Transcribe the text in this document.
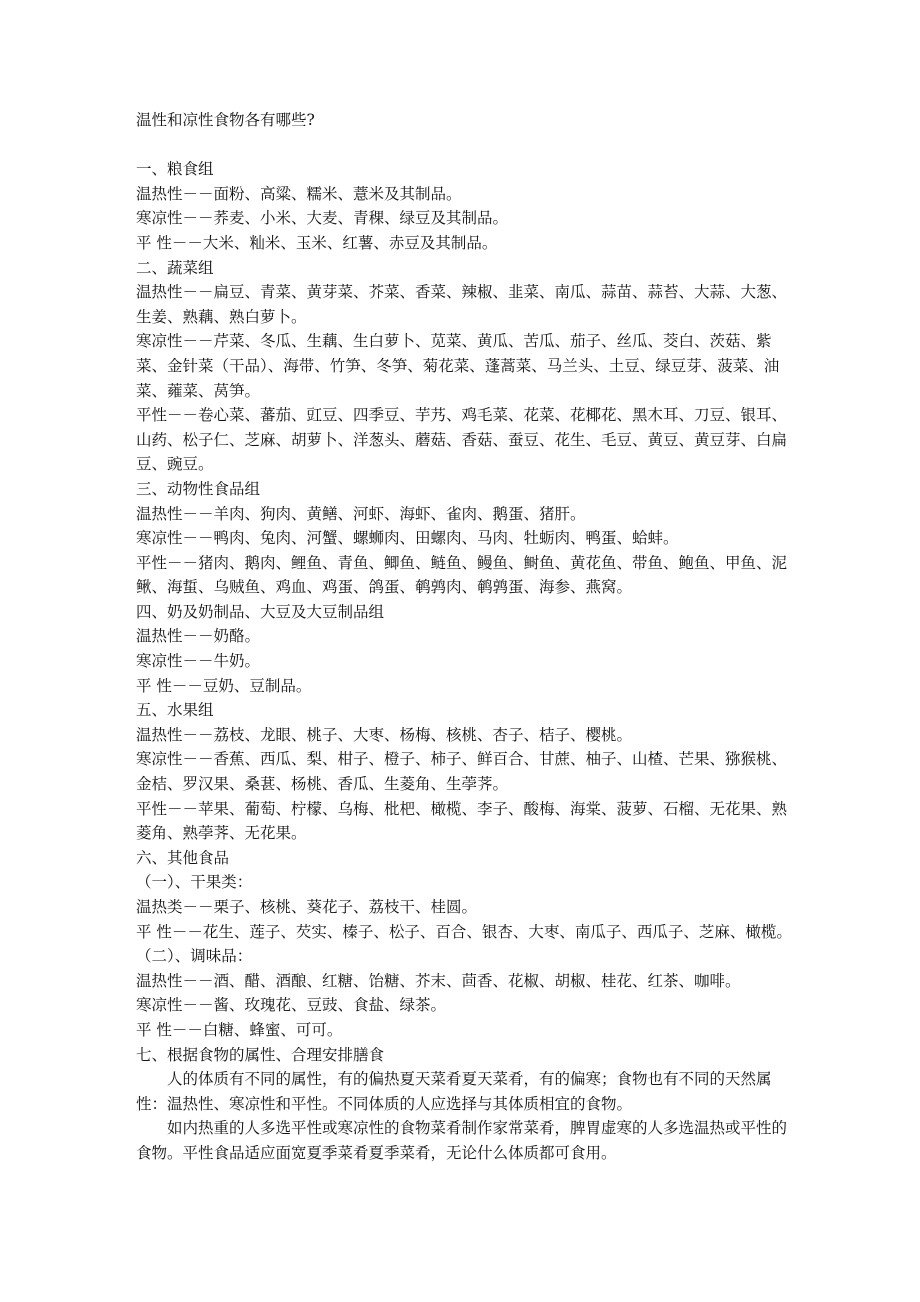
温性和凉性食物各有哪些?

一、粮食组

温热性－－面粉、高粱、糯米、薏米及其制品。

寒凉性－－荞麦、小米、大麦、青稞、绿豆及其制品。

平 性－－大米、籼米、玉米、红薯、赤豆及其制品。

二、蔬菜组

温热性－－扁豆、青菜、黄芽菜、芥菜、香菜、辣椒、韭菜、南瓜、蒜苗、蒜苔、大蒜、大葱、生姜、熟藕、熟白萝卜。

寒凉性－－芹菜、冬瓜、生藕、生白萝卜、苋菜、黄瓜、苦瓜、茄子、丝瓜、茭白、茨菇、紫菜、金针菜（干品）、海带、竹笋、冬笋、菊花菜、蓬蒿菜、马兰头、土豆、绿豆芽、菠菜、油菜、蕹菜、莴笋。

平性－－卷心菜、蕃茄、豇豆、四季豆、芋艿、鸡毛菜、花菜、花椰花、黑木耳、刀豆、银耳、山药、松子仁、芝麻、胡萝卜、洋葱头、蘑菇、香菇、蚕豆、花生、毛豆、黄豆、黄豆芽、白扁豆、豌豆。

三、动物性食品组

温热性－－羊肉、狗肉、黄鳝、河虾、海虾、雀肉、鹅蛋、猪肝。

寒凉性－－鸭肉、兔肉、河蟹、螺蛳肉、田螺肉、马肉、牡蛎肉、鸭蛋、蛤蚌。

平性－－猪肉、鹅肉、鲤鱼、青鱼、鲫鱼、鲢鱼、鳗鱼、鲥鱼、黄花鱼、带鱼、鲍鱼、甲鱼、泥鳅、海蜇、乌贼鱼、鸡血、鸡蛋、鸽蛋、鹌鹑肉、鹌鹑蛋、海参、燕窝。

四、奶及奶制品、大豆及大豆制品组

温热性－－奶酪。

寒凉性－－牛奶。

平 性－－豆奶、豆制品。

五、水果组

温热性－－荔枝、龙眼、桃子、大枣、杨梅、核桃、杏子、桔子、樱桃。

寒凉性－－香蕉、西瓜、梨、柑子、橙子、柿子、鲜百合、甘蔗、柚子、山楂、芒果、猕猴桃、金桔、罗汉果、桑葚、杨桃、香瓜、生菱角、生荸荠。

平性－－苹果、葡萄、柠檬、乌梅、枇杷、橄榄、李子、酸梅、海棠、菠萝、石榴、无花果、熟菱角、熟荸荠、无花果。

六、其他食品

（一）、干果类：

温热类－－栗子、核桃、葵花子、荔枝干、桂圆。

平 性－－花生、莲子、芡实、榛子、松子、百合、银杏、大枣、南瓜子、西瓜子、芝麻、橄榄。

（二）、调味品：

温热性－－酒、醋、酒酿、红糖、饴糖、芥末、茴香、花椒、胡椒、桂花、红茶、咖啡。

寒凉性－－酱、玫瑰花、豆豉、食盐、绿茶。

平 性－－白糖、蜂蜜、可可。

七、根据食物的属性、合理安排膳食

人的体质有不同的属性，有的偏热夏天菜肴夏天菜肴，有的偏寒；食物也有不同的天然属性：温热性、寒凉性和平性。不同体质的人应选择与其体质相宜的食物。

如内热重的人多选平性或寒凉性的食物菜肴制作家常菜肴，脾胃虚寒的人多选温热或平性的食物。平性食品适应面宽夏季菜肴夏季菜肴，无论什么体质都可食用。
